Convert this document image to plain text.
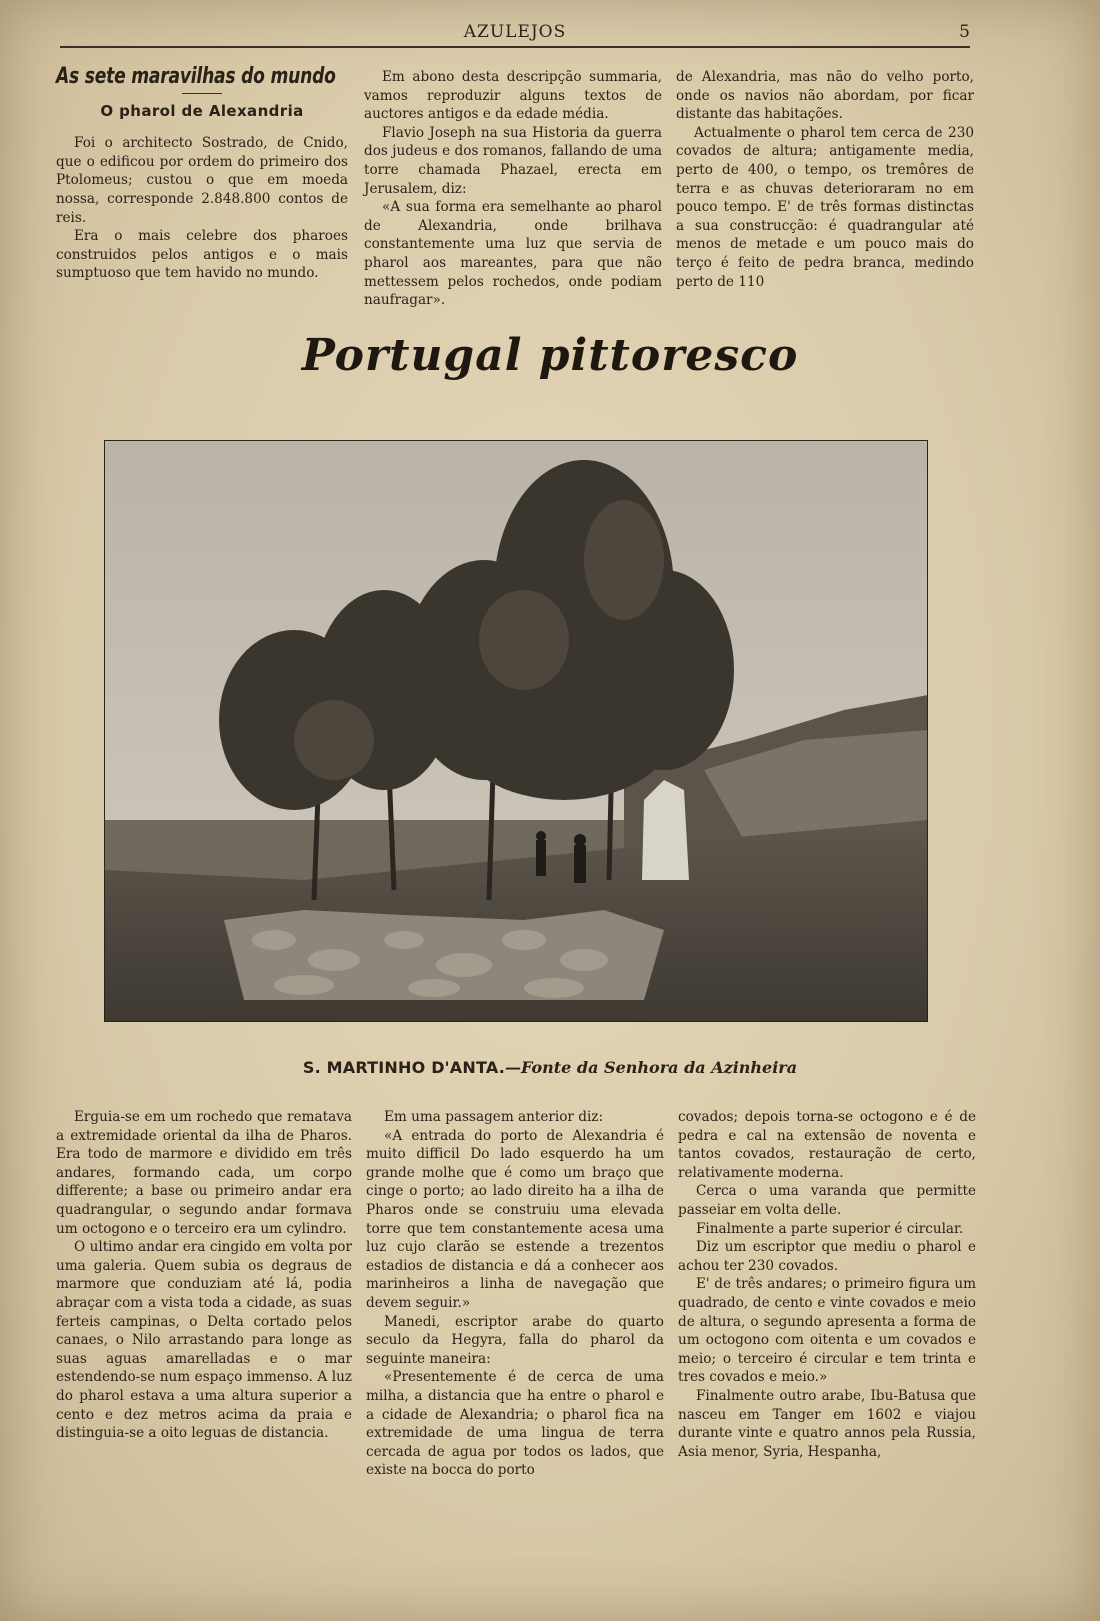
AZULEJOS	5
As sete maravilhas do mundo
O pharol de Alexandria

Foi o architecto Sostrado, de Cnido, que o edificou por ordem do primeiro dos Ptolomeus; custou o que em moeda nossa, corresponde 2.848.800 contos de reis.

Era o mais celebre dos pharoes construidos pelos antigos e o mais sumptuoso que tem havido no mundo.

Em abono desta descripção summaria, vamos reproduzir alguns textos de auctores antigos e da edade média.

Flavio Joseph na sua Historia da guerra dos judeus e dos romanos, fallando de uma torre chamada Phazael, erecta em Jerusalem, diz:

«A sua forma era semelhante ao pharol de Alexandria, onde brilhava constantemente uma luz que servia de pharol aos mareantes, para que não mettessem pelos rochedos, onde podiam naufragar».

de Alexandria, mas não do velho porto, onde os navios não abordam, por ficar distante das habitações.

Actualmente o pharol tem cerca de 230 covados de altura; antigamente media, perto de 400, o tempo, os tremôres de terra e as chuvas deterioraram no em pouco tempo. E' de três formas distinctas a sua construcção: é quadrangular até menos de metade e um pouco mais do terço é feito de pedra branca, medindo perto de 110

Portugal pittoresco
S. MARTINHO D'ANTA.—Fonte da Senhora da Azinheira

Erguia-se em um rochedo que rematava a extremidade oriental da ilha de Pharos. Era todo de marmore e dividido em três andares, formando cada, um corpo differente; a base ou primeiro andar era quadrangular, o segundo andar formava um octogono e o terceiro era um cylindro.

O ultimo andar era cingido em volta por uma galeria. Quem subia os degraus de marmore que conduziam até lá, podia abraçar com a vista toda a cidade, as suas ferteis campinas, o Delta cortado pelos canaes, o Nilo arrastando para longe as suas aguas amarelladas e o mar estendendo-se num espaço immenso. A luz do pharol estava a uma altura superior a cento e dez metros acima da praia e distinguia-se a oito leguas de distancia.

Em uma passagem anterior diz:

«A entrada do porto de Alexandria é muito difficil Do lado esquerdo ha um grande molhe que é como um braço que cinge o porto; ao lado direito ha a ilha de Pharos onde se construiu uma elevada torre que tem constantemente acesa uma luz cujo clarão se estende a trezentos estadios de distancia e dá a conhecer aos marinheiros a linha de navegação que devem seguir.»

Manedi, escriptor arabe do quarto seculo da Hegyra, falla do pharol da seguinte maneira:

«Presentemente é de cerca de uma milha, a distancia que ha entre o pharol e a cidade de Alexandria; o pharol fica na extremidade de uma lingua de terra cercada de agua por todos os lados, que existe na bocca do porto

covados; depois torna-se octogono e é de pedra e cal na extensão de noventa e tantos covados, restauração de certo, relativamente moderna.

Cerca o uma varanda que permitte passeiar em volta delle.

Finalmente a parte superior é circular.

Diz um escriptor que mediu o pharol e achou ter 230 covados.

E' de três andares; o primeiro figura um quadrado, de cento e vinte covados e meio de altura, o segundo apresenta a forma de um octogono com oitenta e um covados e meio; o terceiro é circular e tem trinta e tres covados e meio.»

Finalmente outro arabe, Ibu-Batusa que nasceu em Tanger em 1602 e viajou durante vinte e quatro annos pela Russia, Asia menor, Syria, Hespanha,
